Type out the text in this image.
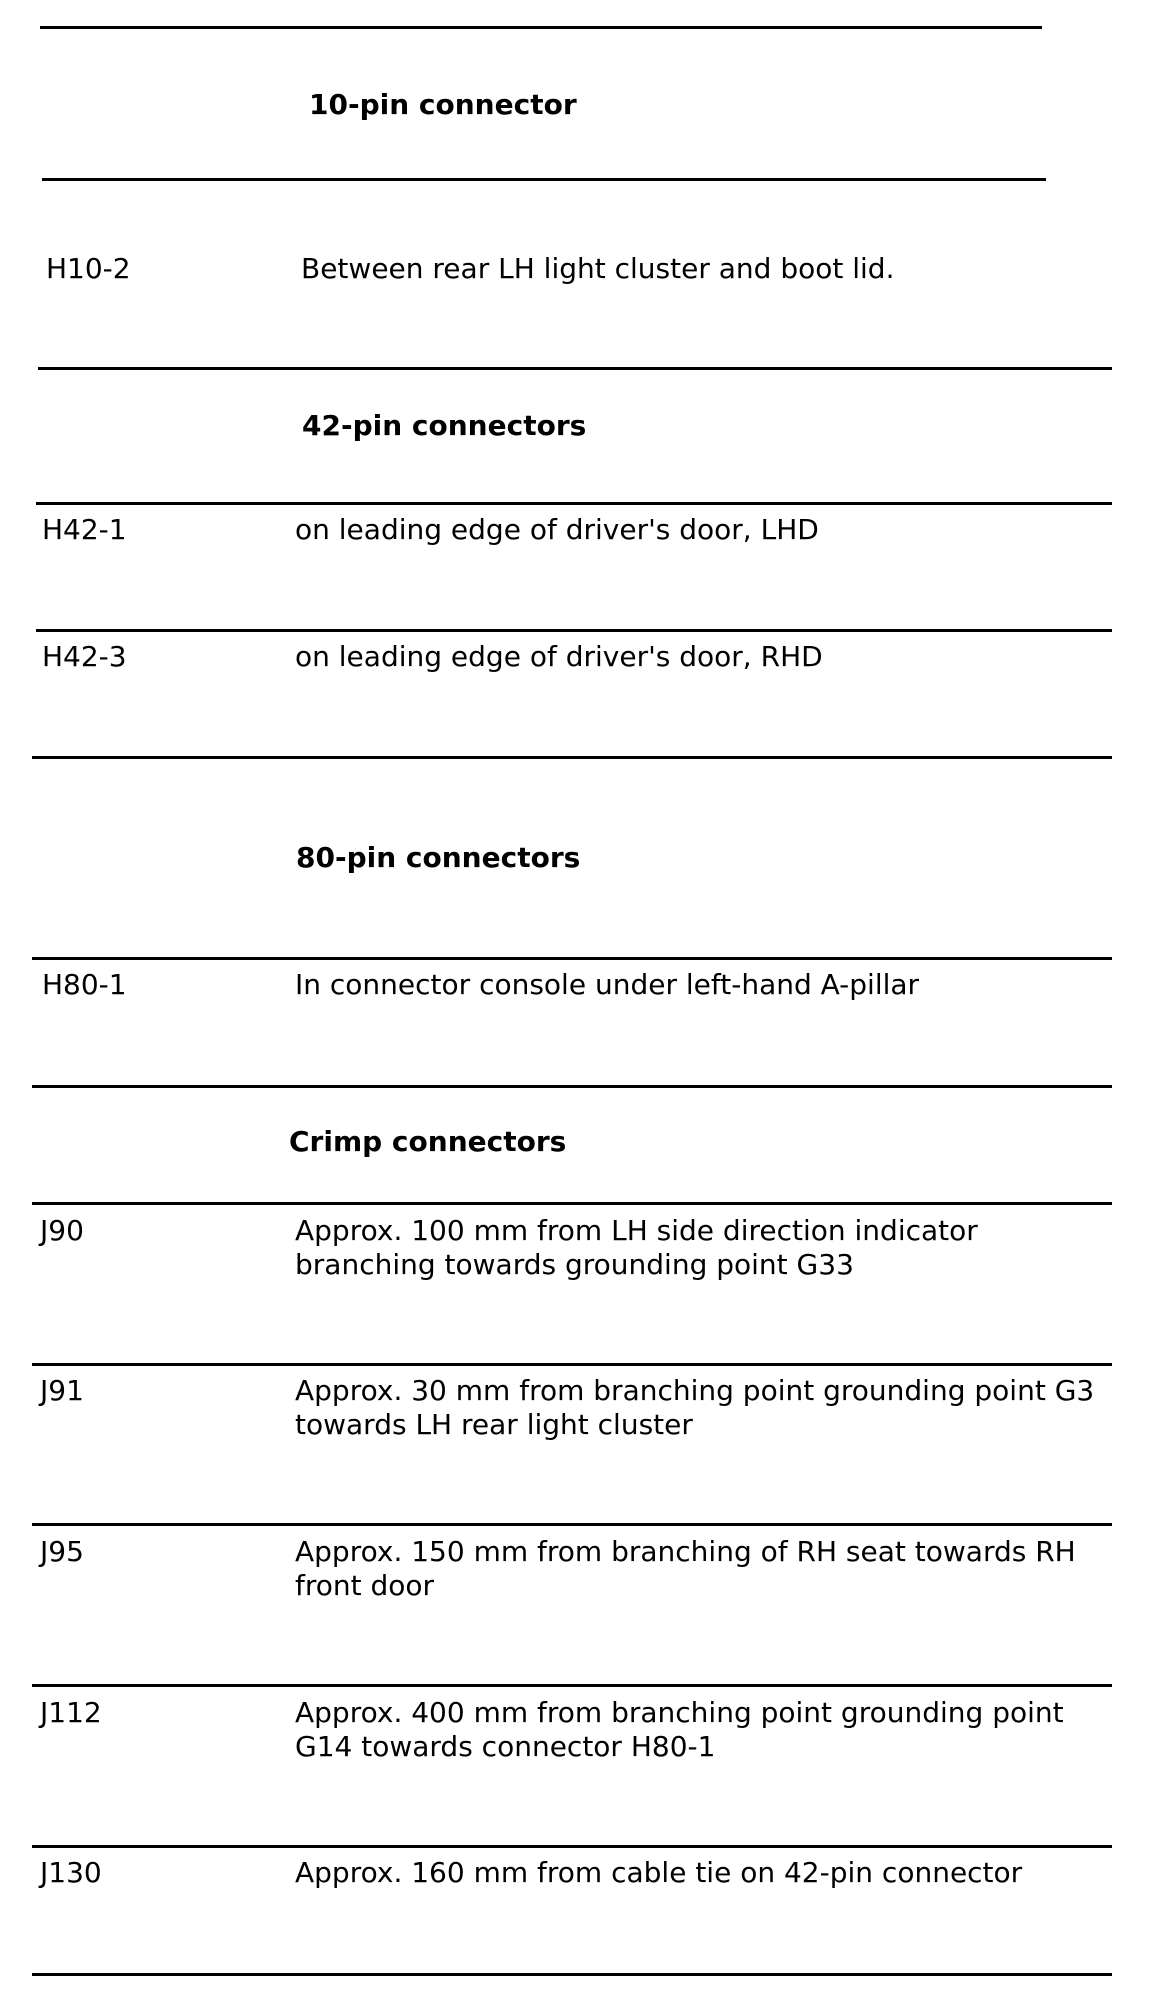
10-pin connector
H10-2	Between rear LH light cluster and boot lid.
42-pin connectors
H42-1	on leading edge of driver's door, LHD
H42-3	on leading edge of driver's door, RHD
80-pin connectors
H80-1	In connector console under left-hand A-pillar
Crimp connectors
J90	Approx. 100 mm from LH side direction indicator
branching towards grounding point G33
J91	Approx. 30 mm from branching point grounding point G3
towards LH rear light cluster
J95	Approx. 150 mm from branching of RH seat towards RH
front door
J112	Approx. 400 mm from branching point grounding point
G14 towards connector H80-1
J130	Approx. 160 mm from cable tie on 42-pin connector
